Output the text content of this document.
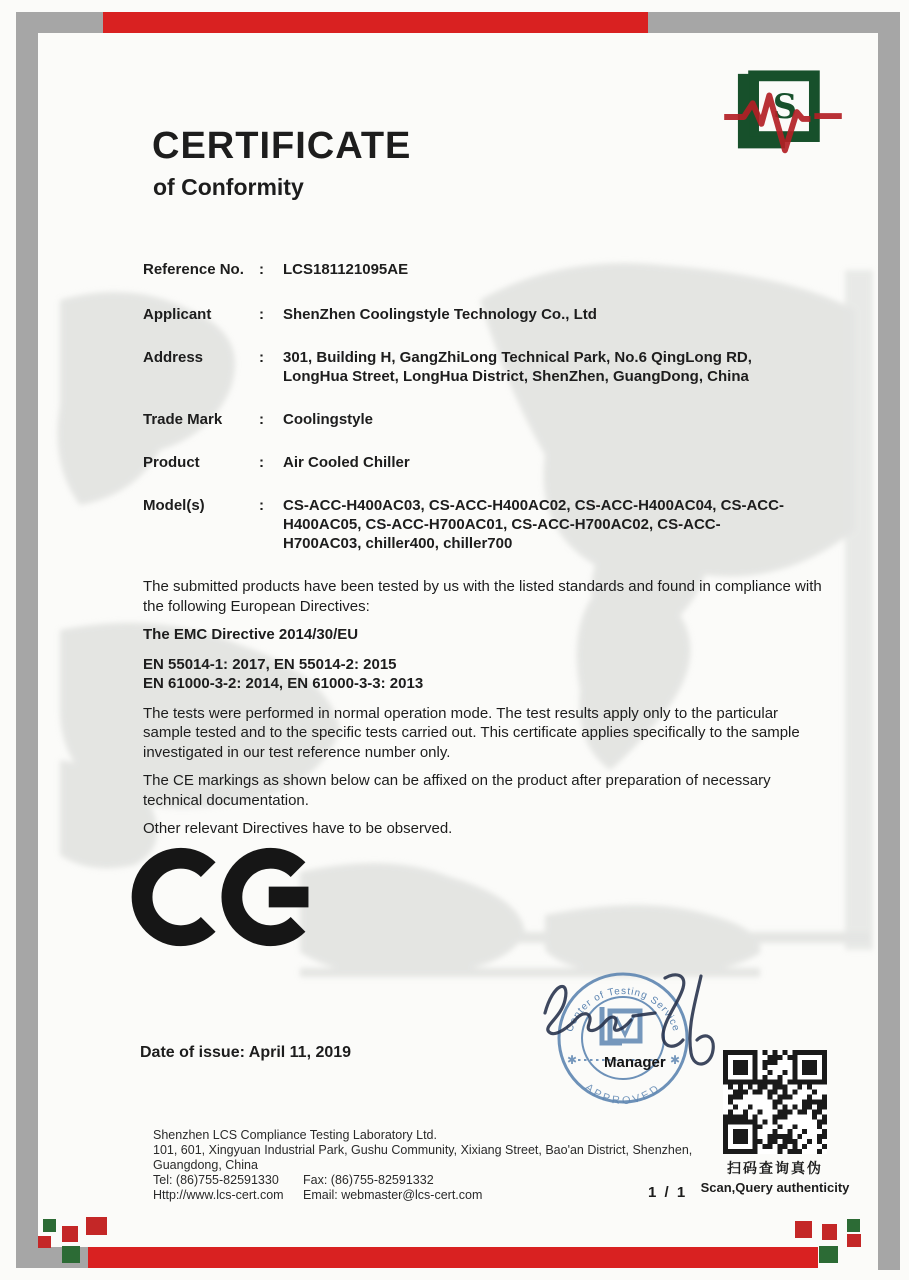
S
CERTIFICATE
of Conformity
Reference No.	:	LCS181121095AE
Applicant	:	ShenZhen Coolingstyle Technology Co., Ltd
Address	:	301, Building H, GangZhiLong Technical Park, No.6 QingLong RD, LongHua Street, LongHua District, ShenZhen, GuangDong, China
Trade Mark	:	Coolingstyle
Product	:	Air Cooled Chiller
Model(s)	:	CS-ACC-H400AC03, CS-ACC-H400AC02, CS-ACC-H400AC04, CS-ACC-H400AC05, CS-ACC-H700AC01, CS-ACC-H700AC02, CS-ACC-H700AC03, chiller400, chiller700

The submitted products have been tested by us with the listed standards and found in compliance with the following European Directives:

The EMC Directive 2014/30/EU

EN 55014-1: 2017, EN 55014-2: 2015

EN 61000-3-2: 2014, EN 61000-3-3: 2013

The tests were performed in normal operation mode. The test results apply only to the particular sample tested and to the specific tests carried out. This certificate applies specifically to the sample investigated in our test reference number only.

The CE markings as shown below can be affixed on the product after preparation of necessary technical documentation.

Other relevant Directives have to be observed.

Date of issue: April 11, 2019
Center of Testing Service
APPROVED
✱	✱
Manager
扫码查询真伪
Scan,Query authenticity
1 / 1
Shenzhen LCS Compliance Testing Laboratory Ltd.
101, 601, Xingyuan Industrial Park, Gushu Community, Xixiang Street, Bao'an District, Shenzhen,
Guangdong, China
Tel: (86)755-82591330	Fax: (86)755-82591332
Http://www.lcs-cert.com	Email: webmaster@lcs-cert.com
